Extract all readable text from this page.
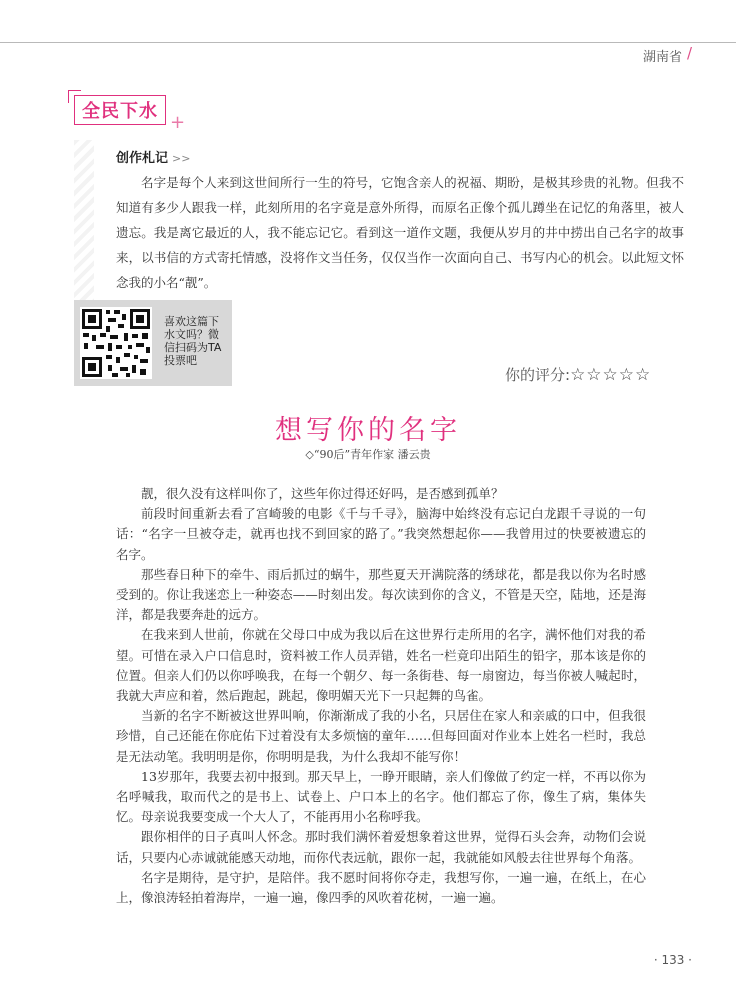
湖南省 /
全民下水
+
创作札记 >>
名字是每个人来到这世间所行一生的符号，它饱含亲人的祝福、期盼，是极其珍贵的礼物。但我不知道有多少人跟我一样，此刻所用的名字竟是意外所得，而原名正像个孤儿蹲坐在记忆的角落里，被人遗忘。我是离它最近的人，我不能忘记它。看到这一道作文题，我便从岁月的井中捞出自己名字的故事来，以书信的方式寄托情感，没将作文当任务，仅仅当作一次面向自己、书写内心的机会。以此短文怀念我的小名“靓”。
喜欢这篇下水文吗？微信扫码为TA投票吧
你的评分:☆☆☆☆☆
想写你的名字
◇“90后”青年作家 潘云贵

靓，很久没有这样叫你了，这些年你过得还好吗，是否感到孤单？

前段时间重新去看了宫崎骏的电影《千与千寻》，脑海中始终没有忘记白龙跟千寻说的一句话：“名字一旦被夺走，就再也找不到回家的路了。”我突然想起你——我曾用过的快要被遗忘的名字。

那些春日种下的牵牛、雨后抓过的蜗牛，那些夏天开满院落的绣球花，都是我以你为名时感受到的。你让我迷恋上一种姿态——时刻出发。每次读到你的含义，不管是天空，陆地，还是海洋，都是我要奔赴的远方。

在我来到人世前，你就在父母口中成为我以后在这世界行走所用的名字，满怀他们对我的希望。可惜在录入户口信息时，资料被工作人员弄错，姓名一栏竟印出陌生的铅字，那本该是你的位置。但亲人们仍以你呼唤我，在每一个朝夕、每一条街巷、每一扇窗边，每当你被人喊起时，我就大声应和着，然后跑起，跳起，像明媚天光下一只起舞的鸟雀。

当新的名字不断被这世界叫响，你渐渐成了我的小名，只居住在家人和亲戚的口中，但我很珍惜，自己还能在你庇佑下过着没有太多烦恼的童年……但每回面对作业本上姓名一栏时，我总是无法动笔。我明明是你，你明明是我，为什么我却不能写你！

13岁那年，我要去初中报到。那天早上，一睁开眼睛，亲人们像做了约定一样，不再以你为名呼喊我，取而代之的是书上、试卷上、户口本上的名字。他们都忘了你，像生了病，集体失忆。母亲说我要变成一个大人了，不能再用小名称呼我。

跟你相伴的日子真叫人怀念。那时我们满怀着爱想象着这世界，觉得石头会奔，动物们会说话，只要内心赤诚就能感天动地，而你代表远航，跟你一起，我就能如风般去往世界每个角落。

名字是期待，是守护，是陪伴。我不愿时间将你夺走，我想写你，一遍一遍，在纸上，在心上，像浪涛轻拍着海岸，一遍一遍，像四季的风吹着花树，一遍一遍。

· 133 ·
